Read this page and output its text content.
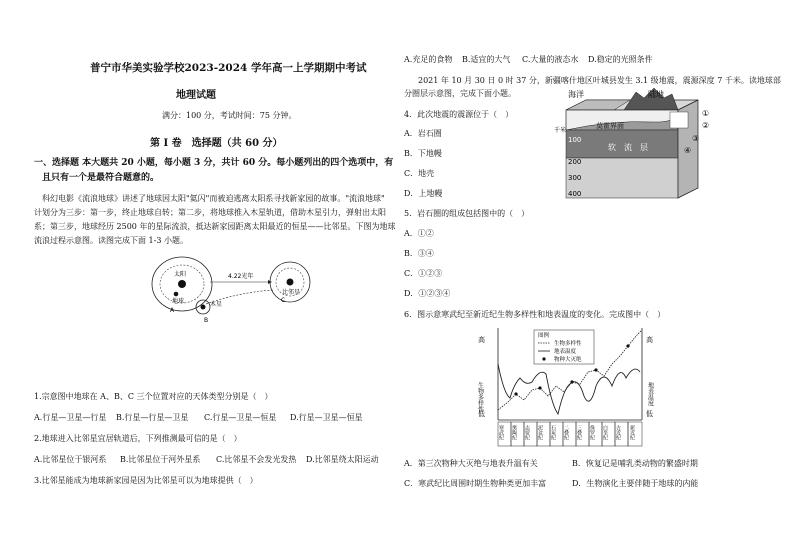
普宁市华美实验学校2023-2024 学年高一上学期期中考试
地理试题
满分：100 分，考试时间：75 分钟。
第 Ⅰ 卷　选择题（共 60 分）
一、选择题 本大题共 20 小题，每小题 3 分，共计 60 分。每小题列出的四个选项中，有
且只有一个是最符合题意的。
科幻电影《流浪地球》讲述了地球因太阳"氦闪"而被迫逃离太阳系寻找新家园的故事。"流浪地球"
计划分为三步：第一步，终止地球自转；第二步，将地球推入木星轨道，借助木星引力，弹射出太阳
系；第三步，地球经历 2500 年的星际流浪，抵达新家园距离太阳最近的恒星——比邻星。下图为地球
流浪过程示意图。读图完成下面 1-3 小题。
太阳
地球	木星
比邻星
4.22光年
A
B
C
1.宗意图中地球在 A、B、C 三个位置对应的天体类型分别是（　）
A.行星—卫星—行星 B.行星—行星—卫星 C.行星—卫星—恒星 D.行星—卫星—恒星
2.地球进入比邻星宜居轨道后，下列推测最可信的是（　）
A.比邻星位于银河系 B.比邻星位于河外星系 C.比邻星不会发光发热 D.比邻星绕太阳运动
3.比邻星能成为地球新家园是因为比邻星可以为地球提供（　）
A.充足的食物 B.适宜的大气 C.大量的液态水 D.稳定的光照条件
2021 年 10 月 30 日 0 时 37 分，新疆喀什地区叶城县发生 3.1 级地震，震源深度 7 千米。读地球部
分圈层示意图，完成下面小题。
4．此次地震的震源位于（　）
A．岩石圈
B．下地幔
C．地壳
D．上地幔
5．岩石圈的组成包括图中的（　）
A．①②
B．③④
C．①②③
D．①②③④
海洋	陆地
莫霍界面
软　流　层
千米
100
200
300
400
①
②
③
④
6．图示意寒武纪至新近纪生物多样性和地表温度的变化。完成图中（　）
高
低
生物多样性
高
低
地表温度
图例
生物多样性
地表温度
物种大灭绝
寒武纪 奥陶纪 志留纪 泥盆纪 石炭纪 二叠纪 三叠纪 侏罗纪 白垩纪 古近纪 新近纪
A．第三次物种大灭绝与地表升温有关	B．恢复记是哺乳类动物的繁盛时期
C．寒武纪比周围时期生物种类更加丰富	D．生物演化主要伴随于地球的内能
